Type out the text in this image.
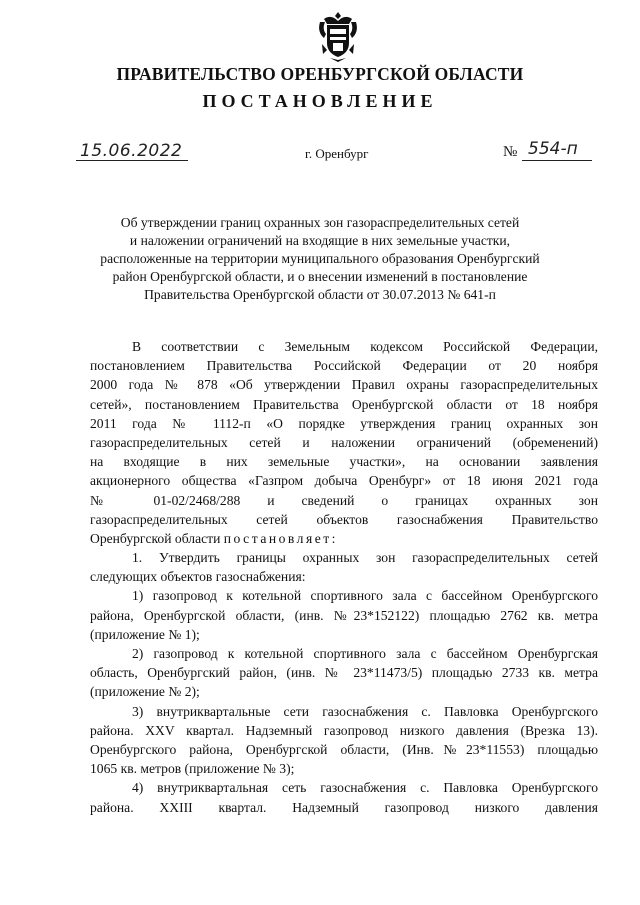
ПРАВИТЕЛЬСТВО ОРЕНБУРГСКОЙ ОБЛАСТИ
ПОСТАНОВЛЕНИЕ
15.06.2022	г. Оренбург	№ 554-п
Об утверждении границ охранных зон газораспределительных сетей
и наложении ограничений на входящие в них земельные участки,
расположенные на территории муниципального образования Оренбургский
район Оренбургской области, и о внесении изменений в постановление
Правительства Оренбургской области от 30.07.2013 № 641-п
В соответствии с Земельным кодексом Российской Федерации,
постановлением Правительства Российской Федерации от 20 ноября
2000 года № 878 «Об утверждении Правил охраны газораспределительных
сетей», постановлением Правительства Оренбургской области от 18 ноября
2011 года № 1112-п «О порядке утверждения границ охранных зон
газораспределительных сетей и наложении ограничений (обременений)
на входящие в них земельные участки», на основании заявления
акционерного общества «Газпром добыча Оренбург» от 18 июня 2021 года
№ 01-02/2468/288 и сведений о границах охранных зон
газораспределительных сетей объектов газоснабжения Правительство
Оренбургской области постановляет:
1. Утвердить границы охранных зон газораспределительных сетей
следующих объектов газоснабжения:
1) газопровод к котельной спортивного зала с бассейном Оренбургского
района, Оренбургской области, (инв. №23*152122) площадью 2762 кв. метра
(приложение № 1);
2) газопровод к котельной спортивного зала с бассейном Оренбургская
область, Оренбургский район, (инв. № 23*11473/5) площадью 2733 кв. метра
(приложение № 2);
3) внутриквартальные сети газоснабжения с. Павловка Оренбургского
района. XXV квартал. Надземный газопровод низкого давления (Врезка 13).
Оренбургского района, Оренбургской области, (Инв.№23*11553) площадью
1065 кв. метров (приложение № 3);
4) внутриквартальная сеть газоснабжения с. Павловка Оренбургского
района. XXIII квартал. Надземный газопровод низкого давления
